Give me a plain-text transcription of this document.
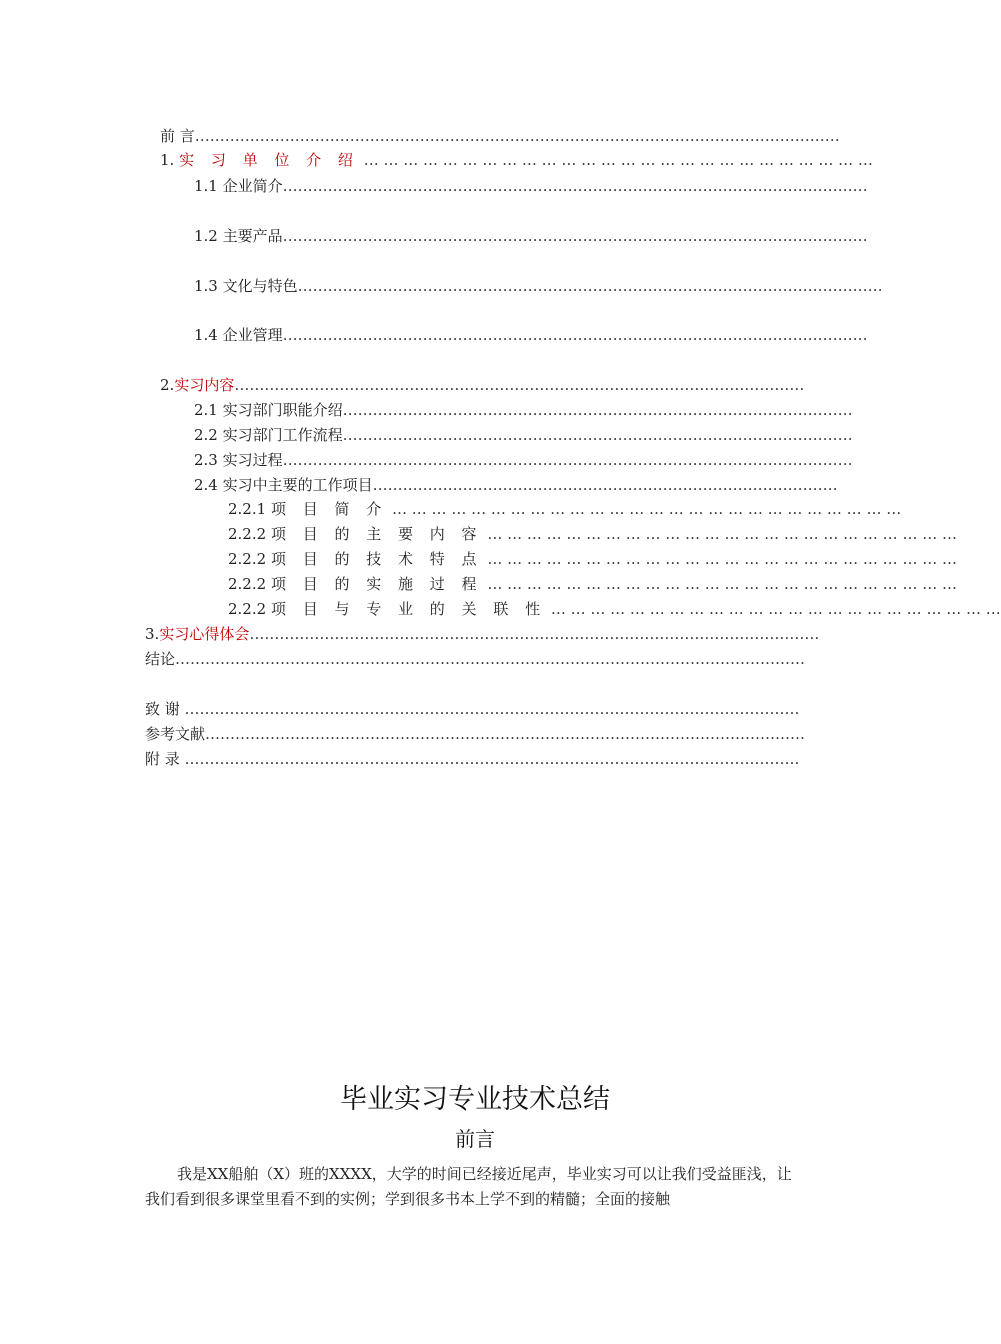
前 言…………………………………………………………………………………………………………………
1. 实 习 单 位 介 绍 … … … … … … … … … … … … … … … … … … … … … … … … … …
1.1 企业简介………………………………………………………………………………………………………
1.2 主要产品………………………………………………………………………………………………………
1.3 文化与特色………………………………………………………………………………………………………
1.4 企业管理………………………………………………………………………………………………………
2.实习内容……………………………………………………………………………………………………
2.1 实习部门职能介绍…………………………………………………………………………………………
2.2 实习部门工作流程…………………………………………………………………………………………
2.3 实习过程……………………………………………………………………………………………………
2.4 实习中主要的工作项目…………………………………………………………………………………
2.2.1 项 目 简 介 … … … … … … … … … … … … … … … … … … … … … … … … … …
2.2.2 项 目 的 主 要 内 容 … … … … … … … … … … … … … … … … … … … … … … … …
2.2.2 项 目 的 技 术 特 点 … … … … … … … … … … … … … … … … … … … … … … … …
2.2.2 项 目 的 实 施 过 程 … … … … … … … … … … … … … … … … … … … … … … … …
2.2.2 项 目 与 专 业 的 关 联 性 … … … … … … … … … … … … … … … … … … … … … … …
3.实习心得体会……………………………………………………………………………………………………
结论………………………………………………………………………………………………………………
致 谢 ……………………………………………………………………………………………………………
参考文献…………………………………………………………………………………………………………
附 录 ……………………………………………………………………………………………………………
毕业实习专业技术总结
前言
我是XX船舶（X）班的XXXX，大学的时间已经接近尾声，毕业实习可以让我们受益匪浅，让我们看到很多课堂里看不到的实例；学到很多书本上学不到的精髓；全面的接触
